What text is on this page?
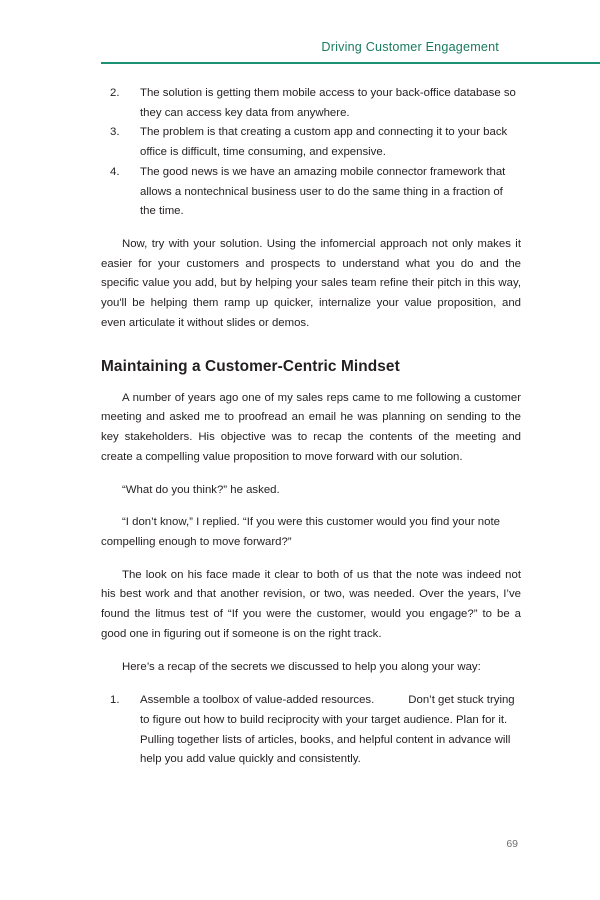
Driving Customer Engagement
2.	The solution is getting them mobile access to your back-office database so they can access key data from anywhere.
3.	The problem is that creating a custom app and connecting it to your back office is difficult, time consuming, and expensive.
4.	The good news is we have an amazing mobile connector framework that allows a nontechnical business user to do the same thing in a fraction of the time.

Now, try with your solution. Using the infomercial approach not only makes it easier for your customers and prospects to understand what you do and the specific value you add, but by helping your sales team refine their pitch in this way, you'll be helping them ramp up quicker, internalize your value proposition, and even articulate it without slides or demos.

Maintaining a Customer-Centric Mindset

A number of years ago one of my sales reps came to me following a customer meeting and asked me to proofread an email he was planning on sending to the key stakeholders. His objective was to recap the contents of the meeting and create a compelling value proposition to move forward with our solution.

“What do you think?” he asked.

“I don’t know,” I replied. “If you were this customer would you find your note compelling enough to move forward?”

The look on his face made it clear to both of us that the note was indeed not his best work and that another revision, or two, was needed. Over the years, I’ve found the litmus test of “If you were the customer, would you engage?” to be a good one in figuring out if someone is on the right track.

Here’s a recap of the secrets we discussed to help you along your way:

1. Assemble a toolbox of value-added resources.	Don’t get stuck trying to figure out how to build reciprocity with your target audience. Plan for it. Pulling together lists of articles, books, and helpful content in advance will help you add value quickly and consistently.
69
